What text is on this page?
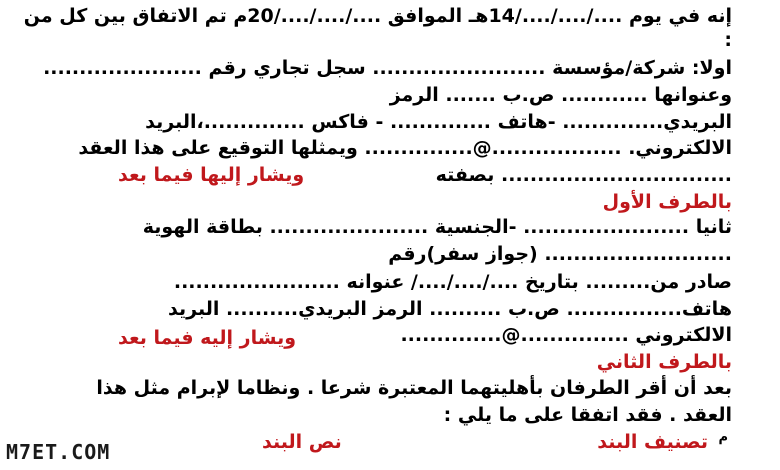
إنه في يوم ..../..../..../14هـ الموافق ..../..../..../20م تم الاتفاق بين كل من
:
اولا: شركة/مؤسسة ........................ سجل تجاري رقم ......................
وعنوانها ............ ص.ب ....... الرمز
البريدي.............. -هاتف .............. - فاكس ..............،البريد
الالكتروني. ..................@............... ويمثلها التوقيع على هذا العقد
................................ بصفته
ويشار إليها فيما بعد
بالطرف الأول
ثانيا ....................... -الجنسية ...................... بطاقة الهوية
.......................... (جواز سفر)رقم
صادر من......... بتاريخ ..../..../..../ عنوانه .......................
هاتف................ ص.ب .......... الرمز البريدي.......... البريد
الالكتروني ...............@..............
ويشار إليه فيما بعد
بالطرف الثاني
بعد أن أقر الطرفان بأهليتهما المعتبرة شرعا . ونظاما لإبرام مثل هذا
العقد . فقد اتفقا على ما يلي :
م
تصنيف البند
نص البند
M7ET.COM
